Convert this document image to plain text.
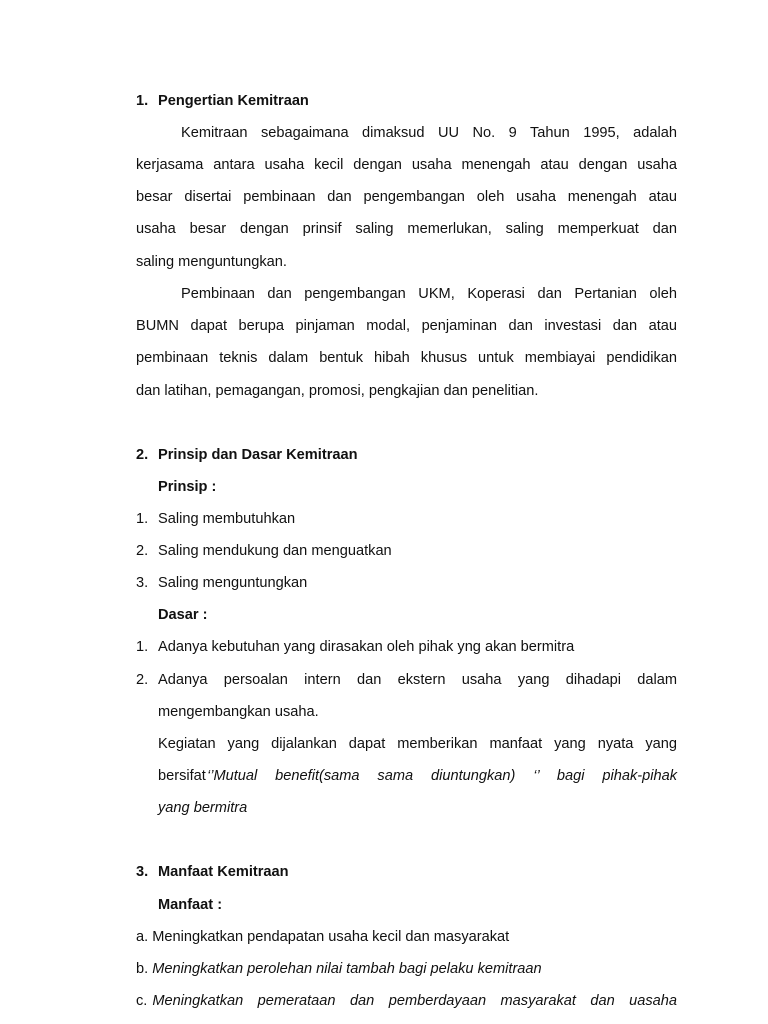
1. Pengertian Kemitraan
Kemitraan sebagaimana dimaksud UU No. 9 Tahun 1995, adalah
kerjasama antara usaha kecil dengan usaha menengah atau dengan usaha
besar disertai pembinaan dan pengembangan oleh usaha menengah atau
usaha besar dengan prinsif saling memerlukan, saling memperkuat dan
saling menguntungkan.
Pembinaan dan pengembangan UKM, Koperasi dan Pertanian oleh
BUMN dapat berupa pinjaman modal, penjaminan dan investasi dan atau
pembinaan teknis dalam bentuk hibah khusus untuk membiayai pendidikan
dan latihan, pemagangan, promosi, pengkajian dan penelitian.
2. Prinsip dan Dasar Kemitraan
Prinsip :
1. Saling membutuhkan
2. Saling mendukung dan menguatkan
3. Saling menguntungkan
Dasar :
1. Adanya kebutuhan yang dirasakan oleh pihak yng akan bermitra
2. Adanya persoalan intern dan ekstern usaha yang dihadapi dalam
mengembangkan usaha.
Kegiatan yang dijalankan dapat memberikan manfaat yang nyata yang
bersifat ‘’Mutual benefit(sama sama diuntungkan) ‘’ bagi pihak-pihak
yang bermitra
3. Manfaat Kemitraan
Manfaat :
a. Meningkatkan pendapatan usaha kecil dan masyarakat
b. Meningkatkan perolehan nilai tambah bagi pelaku kemitraan
c. Meningkatkan pemerataan dan pemberdayaan masyarakat dan uasaha
